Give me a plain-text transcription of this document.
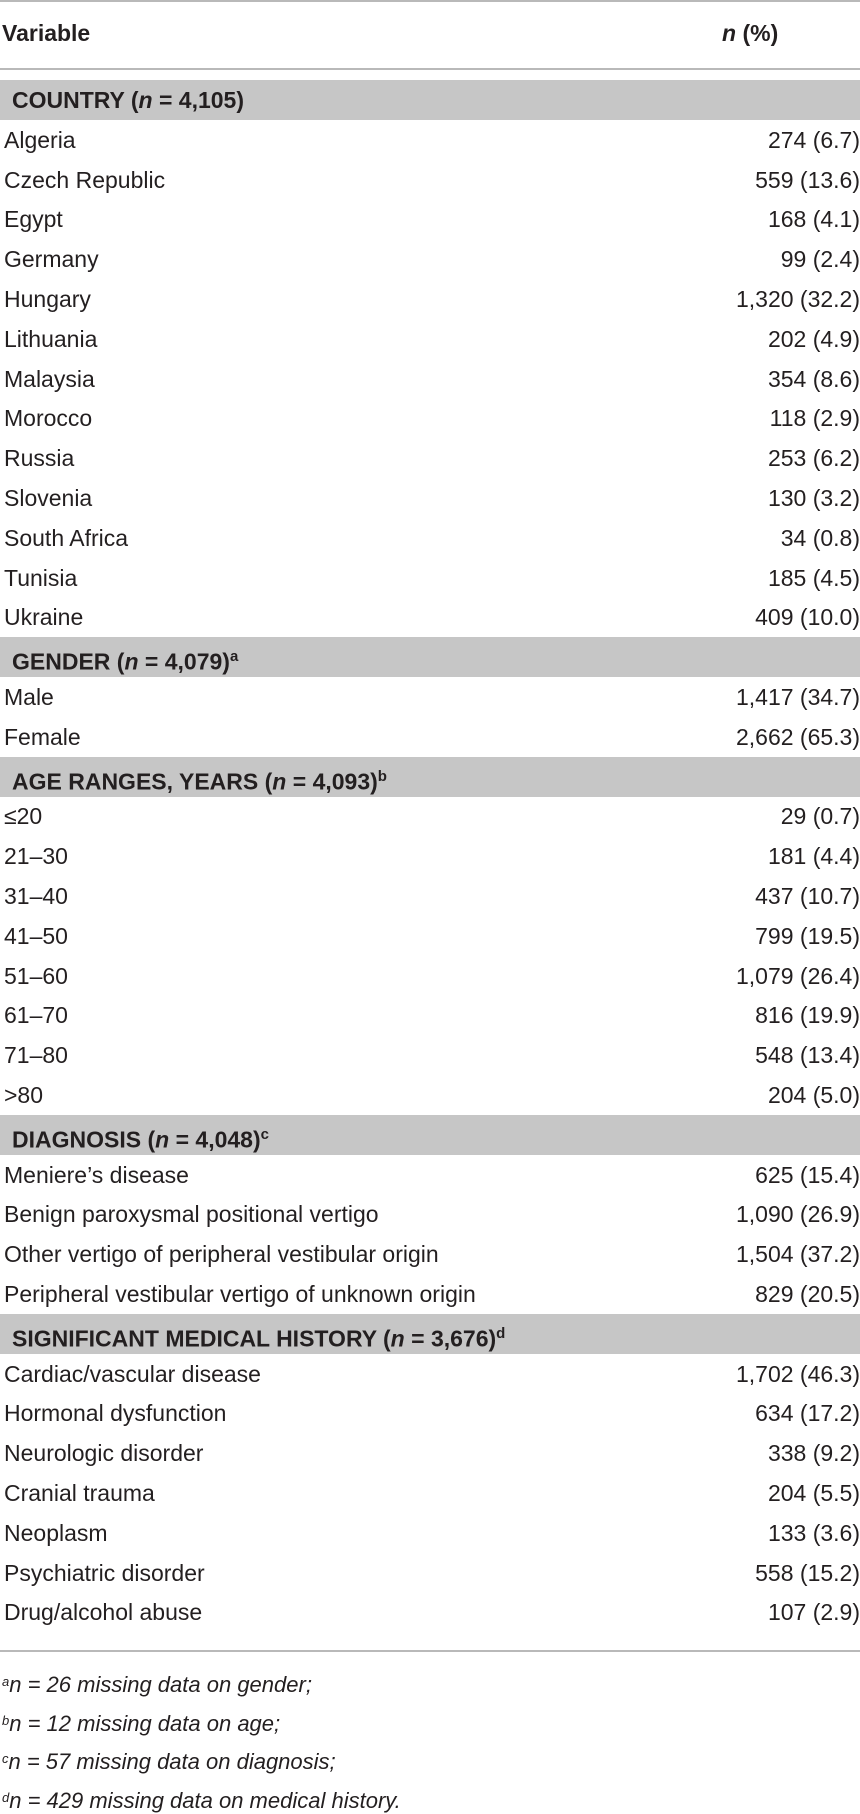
Variable	n (%)
COUNTRY (n = 4,105)
Algeria	274 (6.7)
Czech Republic	559 (13.6)
Egypt	168 (4.1)
Germany	99 (2.4)
Hungary	1,320 (32.2)
Lithuania	202 (4.9)
Malaysia	354 (8.6)
Morocco	118 (2.9)
Russia	253 (6.2)
Slovenia	130 (3.2)
South Africa	34 (0.8)
Tunisia	185 (4.5)
Ukraine	409 (10.0)
GENDER (n = 4,079)$^a$
Male	1,417 (34.7)
Female	2,662 (65.3)
AGE RANGES, YEARS (n = 4,093)$^b$
≤20	29 (0.7)
21–30	181 (4.4)
31–40	437 (10.7)
41–50	799 (19.5)
51–60	1,079 (26.4)
61–70	816 (19.9)
71–80	548 (13.4)
>80	204 (5.0)
DIAGNOSIS (n = 4,048)$^c$
Meniere’s disease	625 (15.4)
Benign paroxysmal positional vertigo	1,090 (26.9)
Other vertigo of peripheral vestibular origin	1,504 (37.2)
Peripheral vestibular vertigo of unknown origin	829 (20.5)
SIGNIFICANT MEDICAL HISTORY (n = 3,676)$^d$
Cardiac/vascular disease	1,702 (46.3)
Hormonal dysfunction	634 (17.2)
Neurologic disorder	338 (9.2)
Cranial trauma	204 (5.5)
Neoplasm	133 (3.6)
Psychiatric disorder	558 (15.2)
Drug/alcohol abuse	107 (2.9)
$^a$n = 26 missing data on gender;
$^b$n = 12 missing data on age;
$^c$n = 57 missing data on diagnosis;
$^d$n = 429 missing data on medical history.
